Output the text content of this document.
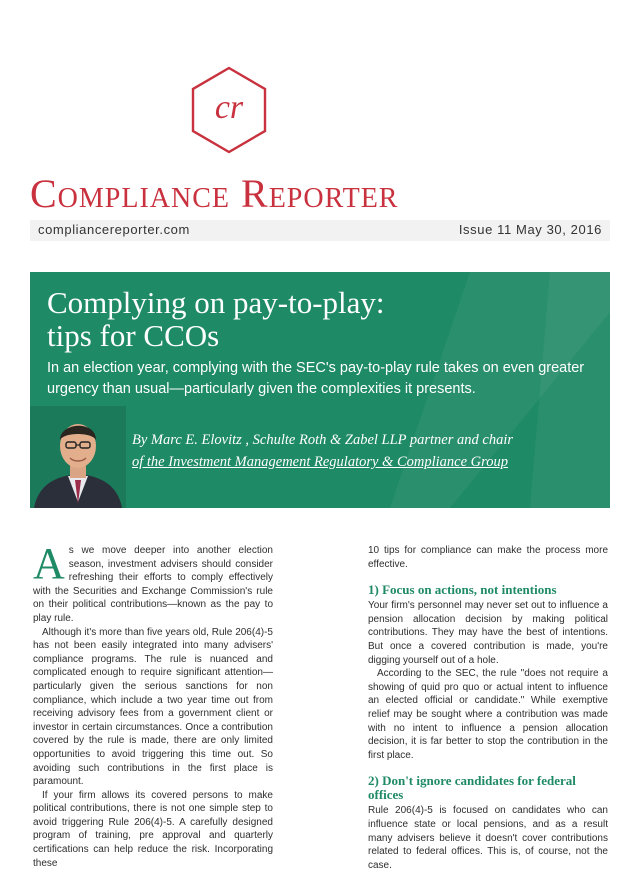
cr
Compliance Reporter
compliancereporter.com	Issue 11 May 30, 2016
Complying on pay-to-play:
tips for CCOs
In an election year, complying with the SEC's pay-to-play rule takes on even greater urgency than usual—particularly given the complexities it presents.
By Marc E. Elovitz , Schulte Roth & Zabel LLP partner and chair
of the Investment Management Regulatory & Compliance Group

As we move deeper into another election season, investment advisers should consider refreshing their efforts to comply effectively with the Securities and Exchange Commission's rule on their political contributions—known as the pay to play rule.

Although it's more than five years old, Rule 206(4)-5 has not been easily integrated into many advisers' compliance programs. The rule is nuanced and complicated enough to require significant attention—particularly given the serious sanctions for non compliance, which include a two year time out from receiving advisory fees from a government client or investor in certain circumstances. Once a contribution covered by the rule is made, there are only limited opportunities to avoid triggering this time out. So avoiding such contributions in the first place is paramount.

If your firm allows its covered persons to make political contributions, there is not one simple step to avoid triggering Rule 206(4)-5. A carefully designed program of training, pre approval and quarterly certifications can help reduce the risk. Incorporating these

10 tips for compliance can make the process more effective.

1) Focus on actions, not intentions

Your firm's personnel may never set out to influence a pension allocation decision by making political contributions. They may have the best of intentions. But once a covered contribution is made, you're digging yourself out of a hole.

According to the SEC, the rule "does not require a showing of quid pro quo or actual intent to influence an elected official or candidate." While exemptive relief may be sought where a contribution was made with no intent to influence a pension allocation decision, it is far better to stop the contribution in the first place.

2) Don't ignore candidates for federal offices

Rule 206(4)-5 is focused on candidates who can influence state or local pensions, and as a result many advisers believe it doesn't cover contributions related to federal offices. This is, of course, not the case.
